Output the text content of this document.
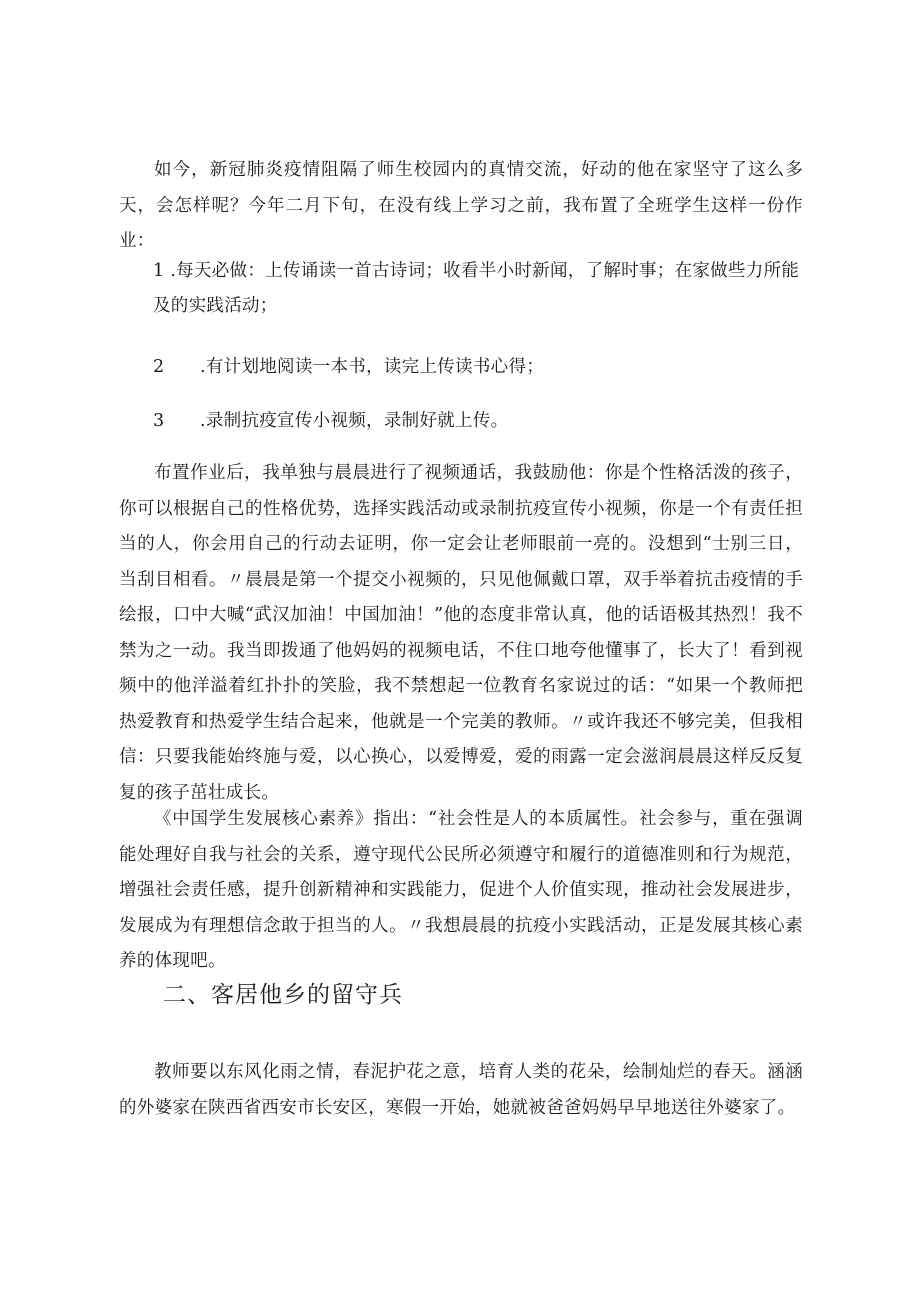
如今，新冠肺炎疫情阻隔了师生校园内的真情交流，好动的他在家坚守了这么多天，会怎样呢？今年二月下旬，在没有线上学习之前，我布置了全班学生这样一份作业：

1 .每天必做：上传诵读一首古诗词；收看半小时新闻，了解时事；在家做些力所能及的实践活动；

2 .有计划地阅读一本书，读完上传读书心得；

3 .录制抗疫宣传小视频，录制好就上传。

布置作业后，我单独与晨晨进行了视频通话，我鼓励他：你是个性格活泼的孩子，你可以根据自己的性格优势，选择实践活动或录制抗疫宣传小视频，你是一个有责任担当的人，你会用自己的行动去证明，你一定会让老师眼前一亮的。没想到“士别三日，当刮目相看。〃晨晨是第一个提交小视频的，只见他佩戴口罩，双手举着抗击疫情的手绘报，口中大喊“武汉加油！中国加油！”他的态度非常认真，他的话语极其热烈！我不禁为之一动。我当即拨通了他妈妈的视频电话，不住口地夸他懂事了，长大了！看到视频中的他洋溢着红扑扑的笑脸，我不禁想起一位教育名家说过的话：“如果一个教师把热爱教育和热爱学生结合起来，他就是一个完美的教师。〃或许我还不够完美，但我相信：只要我能始终施与爱，以心换心，以爱博爱，爱的雨露一定会滋润晨晨这样反反复复的孩子茁壮成长。

《中国学生发展核心素养》指出：“社会性是人的本质属性。社会参与，重在强调能处理好自我与社会的关系，遵守现代公民所必须遵守和履行的道德准则和行为规范，增强社会责任感，提升创新精神和实践能力，促进个人价值实现，推动社会发展进步，发展成为有理想信念敢于担当的人。〃我想晨晨的抗疫小实践活动，正是发展其核心素养的体现吧。

二、客居他乡的留守兵

教师要以东风化雨之情，春泥护花之意，培育人类的花朵，绘制灿烂的春天。涵涵的外婆家在陕西省西安市长安区，寒假一开始，她就被爸爸妈妈早早地送往外婆家了。
